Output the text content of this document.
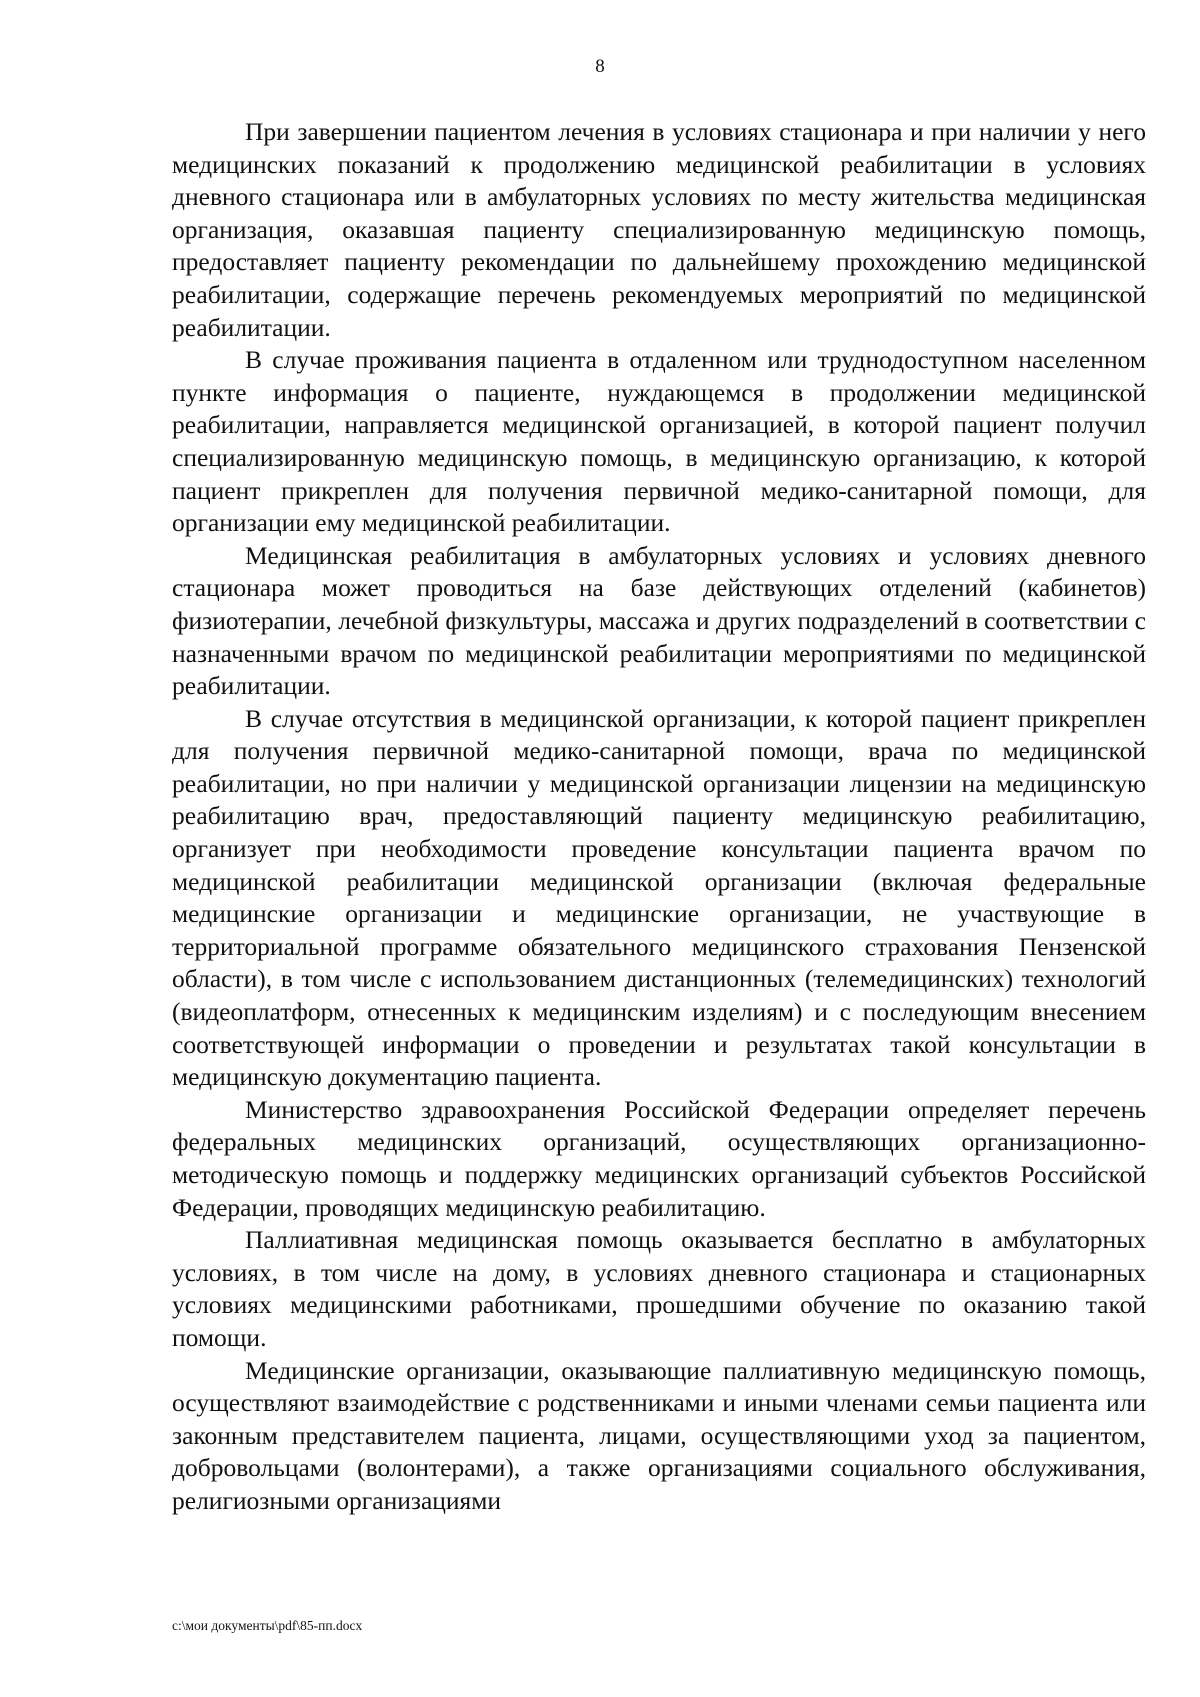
8

При завершении пациентом лечения в условиях стационара и при наличии у него медицинских показаний к продолжению медицинской реабилитации в условиях дневного стационара или в амбулаторных условиях по месту жительства медицинская организация, оказавшая пациенту специализированную медицинскую помощь, предоставляет пациенту рекомендации по дальнейшему прохождению медицинской реабилитации, содержащие перечень рекомендуемых мероприятий по медицинской реабилитации.

В случае проживания пациента в отдаленном или труднодоступном населенном пункте информация о пациенте, нуждающемся в продолжении медицинской реабилитации, направляется медицинской организацией, в которой пациент получил специализированную медицинскую помощь, в медицинскую организацию, к которой пациент прикреплен для получения первичной медико-санитарной помощи, для организации ему медицинской реабилитации.

Медицинская реабилитация в амбулаторных условиях и условиях дневного стационара может проводиться на базе действующих отделений (кабинетов) физиотерапии, лечебной физкультуры, массажа и других подразделений в соответствии с назначенными врачом по медицинской реабилитации мероприятиями по медицинской реабилитации.

В случае отсутствия в медицинской организации, к которой пациент прикреплен для получения первичной медико-санитарной помощи, врача по медицинской реабилитации, но при наличии у медицинской организации лицензии на медицинскую реабилитацию врач, предоставляющий пациенту медицинскую реабилитацию, организует при необходимости проведение консультации пациента врачом по медицинской реабилитации медицинской организации (включая федеральные медицинские организации и медицинские организации, не участвующие в территориальной программе обязательного медицинского страхования Пензенской области), в том числе с использованием дистанционных (телемедицинских) технологий (видеоплатформ, отнесенных к медицинским изделиям) и с последующим внесением соответствующей информации о проведении и результатах такой консультации в медицинскую документацию пациента.

Министерство здравоохранения Российской Федерации определяет перечень федеральных медицинских организаций, осуществляющих организационно-методическую помощь и поддержку медицинских организаций субъектов Российской Федерации, проводящих медицинскую реабилитацию.

Паллиативная медицинская помощь оказывается бесплатно в амбулаторных условиях, в том числе на дому, в условиях дневного стационара и стационарных условиях медицинскими работниками, прошедшими обучение по оказанию такой помощи.

Медицинские организации, оказывающие паллиативную медицинскую помощь, осуществляют взаимодействие с родственниками и иными членами семьи пациента или законным представителем пациента, лицами, осуществляющими уход за пациентом, добровольцами (волонтерами), а также организациями социального обслуживания, религиозными организациями

c:\мои документы\pdf\85-пп.docx
